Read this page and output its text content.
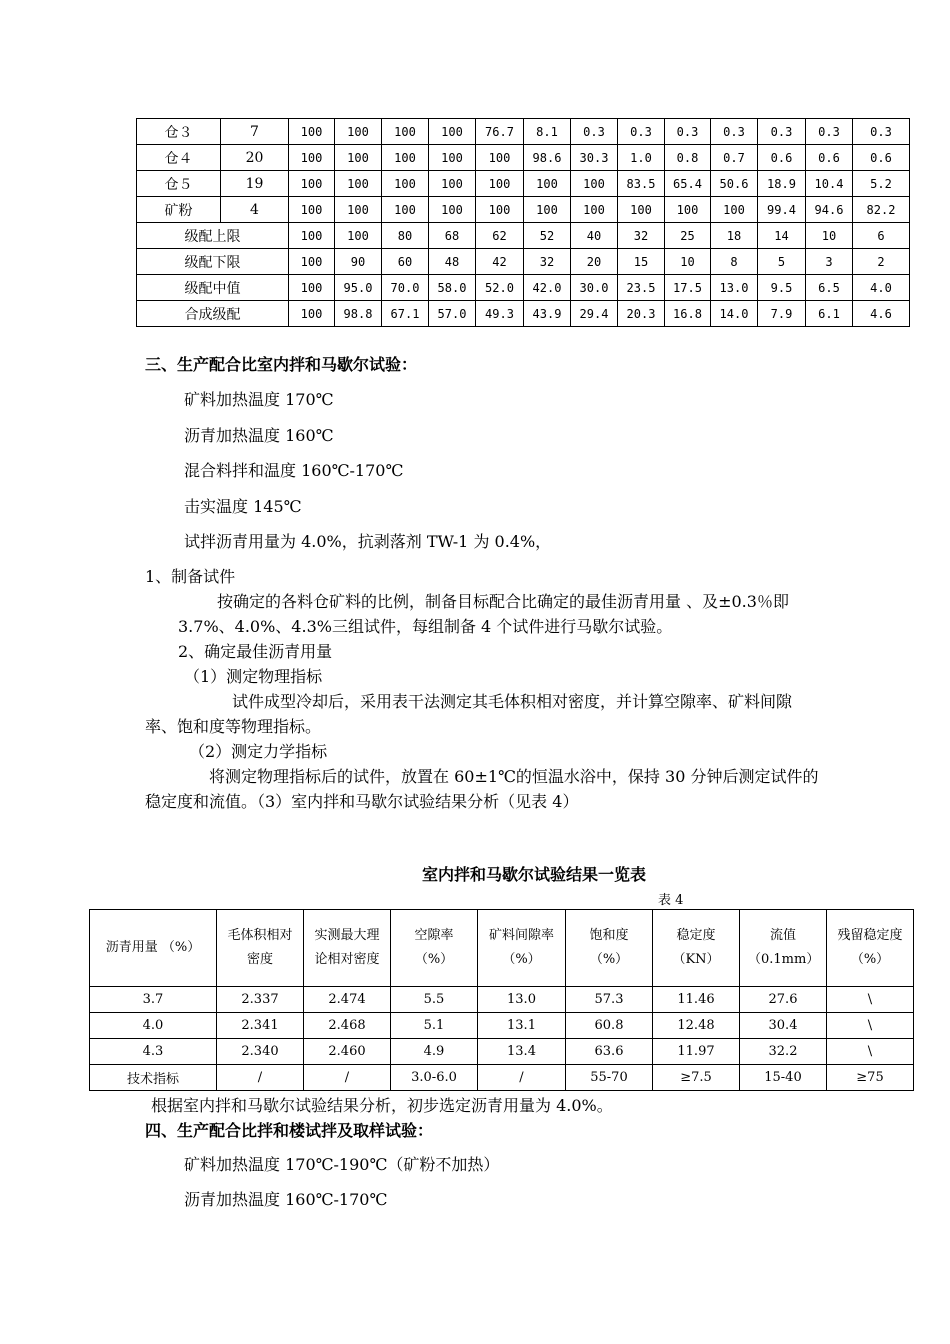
仓３	7	100	100	100	100	76.7	8.1	0.3	0.3	0.3	0.3	0.3	0.3	0.3
仓４	20	100	100	100	100	100	98.6	30.3	1.0	0.8	0.7	0.6	0.6	0.6
仓５	19	100	100	100	100	100	100	100	83.5	65.4	50.6	18.9	10.4	5.2
矿粉	4	100	100	100	100	100	100	100	100	100	100	99.4	94.6	82.2
级配上限		100	100	80	68	62	52	40	32	25	18	14	10	6
级配下限		100	90	60	48	42	32	20	15	10	8	5	3	2
级配中值		100	95.0	70.0	58.0	52.0	42.0	30.0	23.5	17.5	13.0	9.5	6.5	4.0
合成级配		100	98.8	67.1	57.0	49.3	43.9	29.4	20.3	16.8	14.0	7.9	6.1	4.6
三、生产配合比室内拌和马歇尔试验：
矿料加热温度 170℃
沥青加热温度 160℃
混合料拌和温度 160℃-170℃
击实温度 145℃
试拌沥青用量为 4.0%，抗剥落剂 TW-1 为 0.4%，
1、制备试件
按确定的各料仓矿料的比例，制备目标配合比确定的最佳沥青用量 、及±0.3％即
3.7%、4.0%、4.3%三组试件，每组制备 4 个试件进行马歇尔试验。
2、确定最佳沥青用量
（1）测定物理指标
试件成型冷却后，采用表干法测定其毛体积相对密度，并计算空隙率、矿料间隙
率、饱和度等物理指标。
（2）测定力学指标
将测定物理指标后的试件，放置在 60±1℃的恒温水浴中，保持 30 分钟后测定试件的
稳定度和流值。（3）室内拌和马歇尔试验结果分析（见表 4）
室内拌和马歇尔试验结果一览表
表 4
沥青用量 （%）	毛体积相对密度	实测最大理论相对密度	空隙率（%）	矿料间隙率（%）	饱和度（%）	稳定度（KN）	流值（0.1mm）	残留稳定度（%）
3.7	2.337	2.474	5.5	13.0	57.3	11.46	27.6	\
4.0	2.341	2.468	5.1	13.1	60.8	12.48	30.4	\
4.3	2.340	2.460	4.9	13.4	63.6	11.97	32.2	\
技术指标	/	/	3.0-6.0	/	55-70	≥7.5	15-40	≥75
根据室内拌和马歇尔试验结果分析，初步选定沥青用量为 4.0%。
四、生产配合比拌和楼试拌及取样试验：
矿料加热温度 170℃-190℃（矿粉不加热）
沥青加热温度 160℃-170℃
